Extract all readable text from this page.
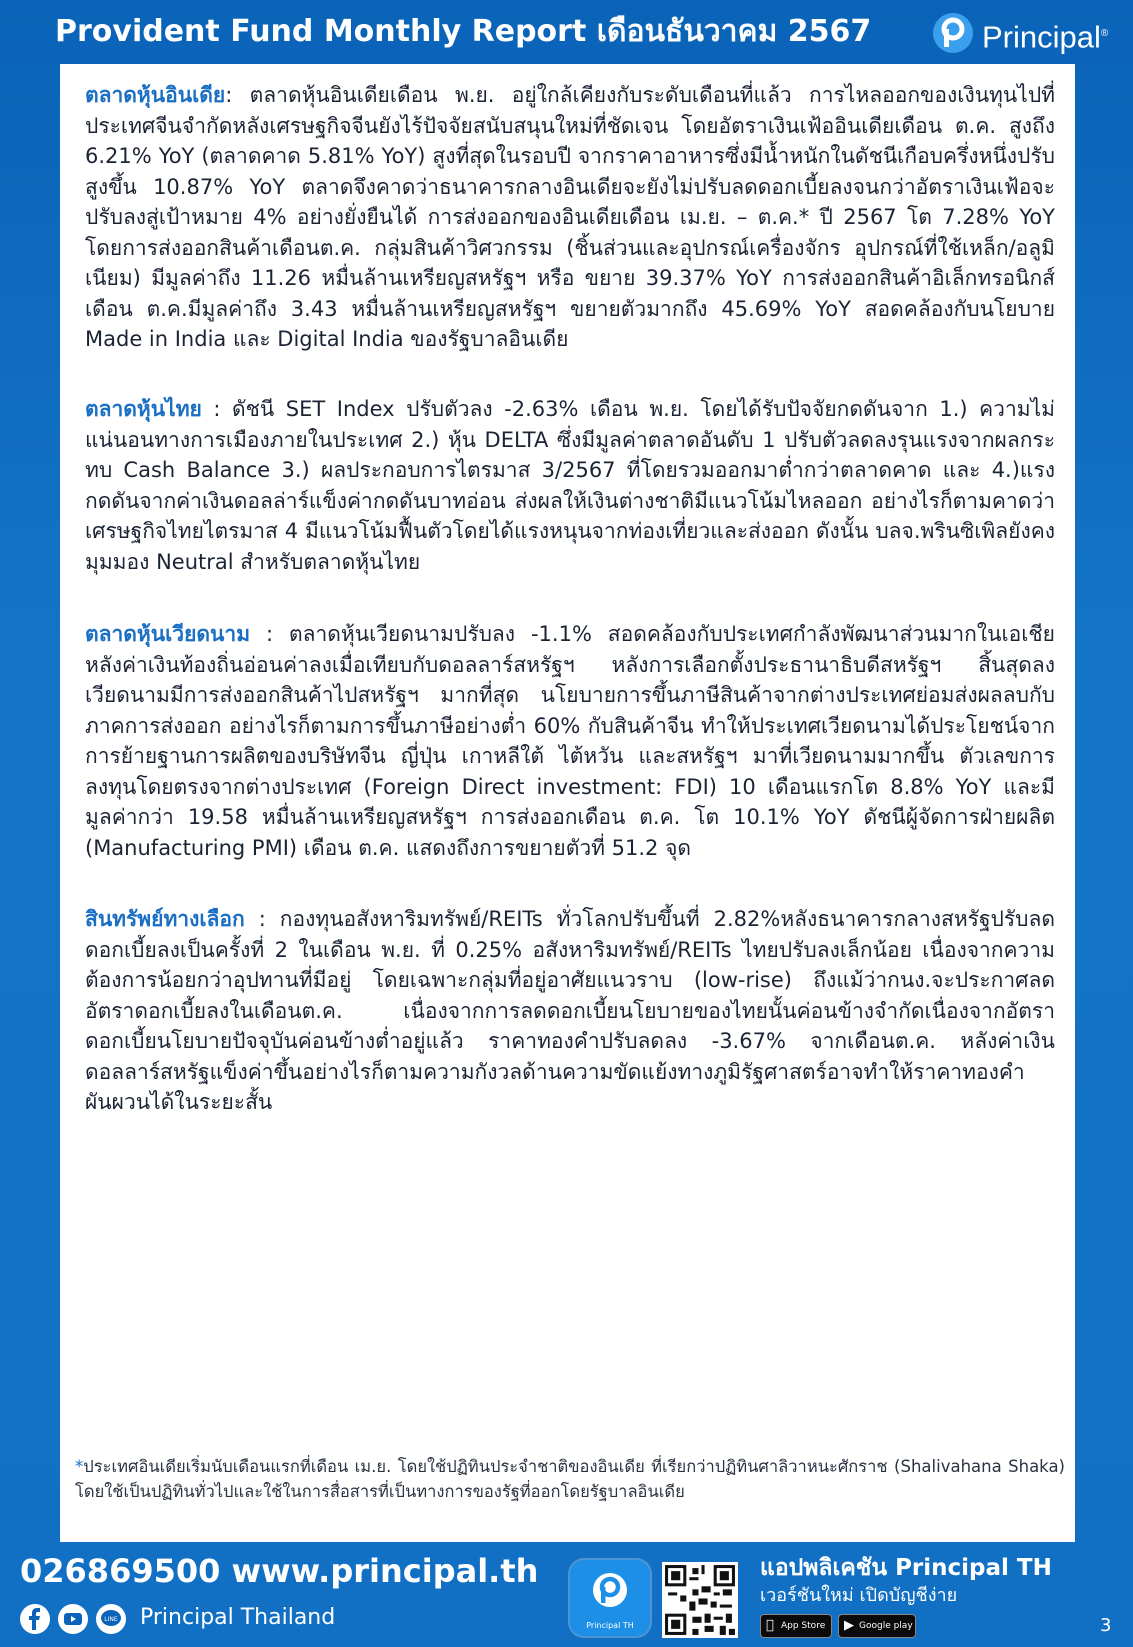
Provident Fund Monthly Report เดือนธันวาคม 2567	Principal®
ตลาดหุ้นอินเดีย: ตลาดหุ้นอินเดียเดือน พ.ย. อยู่ใกล้เคียงกับระดับเดือนที่แล้ว การไหลออกของเงินทุนไปที่ประเทศจีนจำกัดหลังเศรษฐกิจจีนยังไร้ปัจจัยสนับสนุนใหม่ที่ชัดเจน โดยอัตราเงินเฟ้ออินเดียเดือน ต.ค. สูงถึง 6.21% YoY (ตลาดคาด 5.81% YoY) สูงที่สุดในรอบปี จากราคาอาหารซึ่งมีน้ำหนักในดัชนีเกือบครึ่งหนึ่งปรับสูงขึ้น 10.87% YoY ตลาดจึงคาดว่าธนาคารกลางอินเดียจะยังไม่ปรับลดดอกเบี้ยลงจนกว่าอัตราเงินเฟ้อจะปรับลงสู่เป้าหมาย 4% อย่างยั่งยืนได้ การส่งออกของอินเดียเดือน เม.ย. – ต.ค.* ปี 2567 โต 7.28% YoY โดยการส่งออกสินค้าเดือนต.ค. กลุ่มสินค้าวิศวกรรม (ชิ้นส่วนและอุปกรณ์เครื่องจักร อุปกรณ์ที่ใช้เหล็ก/อลูมิเนียม) มีมูลค่าถึง 11.26 หมื่นล้านเหรียญสหรัฐฯ หรือ ขยาย 39.37% YoY การส่งออกสินค้าอิเล็กทรอนิกส์เดือน ต.ค.มีมูลค่าถึง 3.43 หมื่นล้านเหรียญสหรัฐฯ ขยายตัวมากถึง 45.69% YoY สอดคล้องกับนโยบาย Made in India และ Digital India ของรัฐบาลอินเดีย
ตลาดหุ้นไทย : ดัชนี SET Index ปรับตัวลง -2.63% เดือน พ.ย. โดยได้รับปัจจัยกดดันจาก 1.) ความไม่แน่นอนทางการเมืองภายในประเทศ 2.) หุ้น DELTA ซึ่งมีมูลค่าตลาดอันดับ 1 ปรับตัวลดลงรุนแรงจากผลกระทบ Cash Balance 3.) ผลประกอบการไตรมาส 3/2567 ที่โดยรวมออกมาต่ำกว่าตลาดคาด และ 4.)แรงกดดันจากค่าเงินดอลล่าร์แข็งค่ากดดันบาทอ่อน ส่งผลให้เงินต่างชาติมีแนวโน้มไหลออก อย่างไรก็ตามคาดว่า เศรษฐกิจไทยไตรมาส 4 มีแนวโน้มฟื้นตัวโดยได้แรงหนุนจากท่องเที่ยวและส่งออก ดังนั้น บลจ.พรินซิเพิลยังคงมุมมอง Neutral สำหรับตลาดหุ้นไทย
ตลาดหุ้นเวียดนาม : ตลาดหุ้นเวียดนามปรับลง -1.1% สอดคล้องกับประเทศกำลังพัฒนาส่วนมากในเอเชีย หลังค่าเงินท้องถิ่นอ่อนค่าลงเมื่อเทียบกับดอลลาร์สหรัฐฯ หลังการเลือกตั้งประธานาธิบดีสหรัฐฯ สิ้นสุดลง เวียดนามมีการส่งออกสินค้าไปสหรัฐฯ มากที่สุด นโยบายการขึ้นภาษีสินค้าจากต่างประเทศย่อมส่งผลลบกับภาคการส่งออก อย่างไรก็ตามการขึ้นภาษีอย่างต่ำ 60% กับสินค้าจีน ทำให้ประเทศเวียดนามได้ประโยชน์จากการย้ายฐานการผลิตของบริษัทจีน ญี่ปุ่น เกาหลีใต้ ไต้หวัน และสหรัฐฯ มาที่เวียดนามมากขึ้น ตัวเลขการลงทุนโดยตรงจากต่างประเทศ (Foreign Direct investment: FDI) 10 เดือนแรกโต 8.8% YoY และมีมูลค่ากว่า 19.58 หมื่นล้านเหรียญสหรัฐฯ การส่งออกเดือน ต.ค. โต 10.1% YoY ดัชนีผู้จัดการฝ่ายผลิต (Manufacturing PMI) เดือน ต.ค. แสดงถึงการขยายตัวที่ 51.2 จุด
สินทรัพย์ทางเลือก : กองทุนอสังหาริมทรัพย์/REITs ทั่วโลกปรับขึ้นที่ 2.82%หลังธนาคารกลางสหรัฐปรับลดดอกเบี้ยลงเป็นครั้งที่ 2 ในเดือน พ.ย. ที่ 0.25% อสังหาริมทรัพย์/REITs ไทยปรับลงเล็กน้อย เนื่องจากความต้องการน้อยกว่าอุปทานที่มีอยู่ โดยเฉพาะกลุ่มที่อยู่อาศัยแนวราบ (low-rise) ถึงแม้ว่ากนง.จะประกาศลดอัตราดอกเบี้ยลงในเดือนต.ค. เนื่องจากการลดดอกเบี้ยนโยบายของไทยนั้นค่อนข้างจำกัดเนื่องจากอัตราดอกเบี้ยนโยบายปัจจุบันค่อนข้างต่ำอยู่แล้ว ราคาทองคำปรับลดลง -3.67% จากเดือนต.ค. หลังค่าเงินดอลลาร์สหรัฐแข็งค่าขึ้นอย่างไรก็ตามความกังวลด้านความขัดแย้งทางภูมิรัฐศาสตร์อาจทำให้ราคาทองคำผันผวนได้ในระยะสั้น
*ประเทศอินเดียเริ่มนับเดือนแรกที่เดือน เม.ย. โดยใช้ปฏิทินประจำชาติของอินเดีย ที่เรียกว่าปฏิทินศาลิวาหนะศักราช (Shalivahana Shaka) โดยใช้เป็นปฏิทินทั่วไปและใช้ในการสื่อสารที่เป็นทางการของรัฐที่ออกโดยรัฐบาลอินเดีย
026869500 www.principal.th
LINE Principal Thailand	Principal TH
แอปพลิเคชัน Principal TH
เวอร์ชันใหม่ เปิดบัญชีง่าย
App Store	▶ Google play	3
